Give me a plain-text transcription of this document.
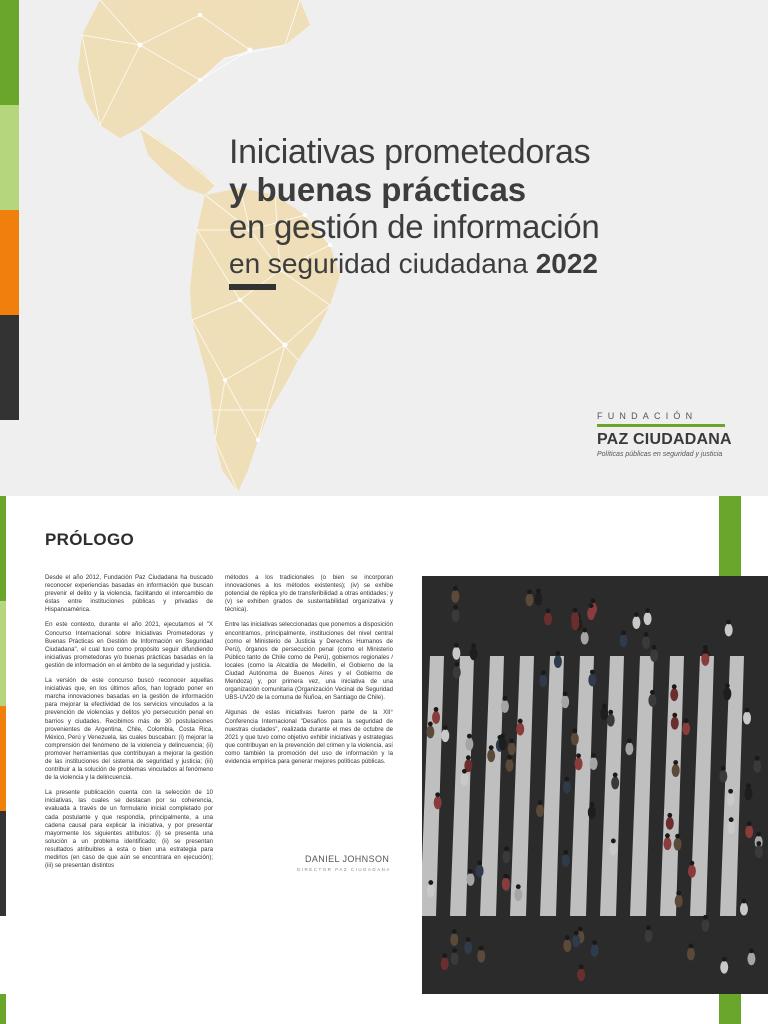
Iniciativas prometedoras
y buenas prácticas
en gestión de información
en seguridad ciudadana 2022
FUNDACIÓN
PAZ CIUDADANA
Políticas públicas en seguridad y justicia
PRÓLOGO

Desde el año 2012, Fundación Paz Ciudadana ha buscado reconocer experiencias basadas en información que buscan prevenir el delito y la violencia, facilitando el intercambio de éstas entre instituciones públicas y privadas de Hispanoamérica.

En este contexto, durante el año 2021, ejecutamos el "X Concurso Internacional sobre Iniciativas Prometedoras y Buenas Prácticas en Gestión de Información en Seguridad Ciudadana", el cual tuvo como propósito seguir difundiendo iniciativas prometedoras y/o buenas prácticas basadas en la gestión de información en el ámbito de la seguridad y justicia.

La versión de este concurso buscó reconocer aquellas iniciativas que, en los últimos años, han logrado poner en marcha innovaciones basadas en la gestión de información para mejorar la efectividad de los servicios vinculados a la prevención de violencias y delitos y/o persecución penal en barrios y ciudades. Recibimos más de 30 postulaciones provenientes de Argentina, Chile, Colombia, Costa Rica, México, Perú y Venezuela, las cuales buscaban: (i) mejorar la comprensión del fenómeno de la violencia y delincuencia; (ii) promover herramientas que contribuyan a mejorar la gestión de las instituciones del sistema de seguridad y justicia; (iii) contribuir a la solución de problemas vinculados al fenómeno de la violencia y la delincuencia.

La presente publicación cuenta con la selección de 10 iniciativas, las cuales se destacan por su coherencia, evaluada a través de un formulario inicial completado por cada postulante y que respondía, principalmente, a una cadena causal para explicar la iniciativa, y por presentar mayormente los siguientes atributos: (i) se presenta una solución a un problema identificado; (ii) se presentan resultados atribuibles a esta o bien una estrategia para medirlos (en caso de que aún se encontrara en ejecución); (iii) se presentan distintos

métodos a los tradicionales (o bien se incorporan innovaciones a los métodos existentes); (iv) se exhibe potencial de réplica y/o de transferibilidad a otras entidades; y (v) se exhiben grados de sustentabilidad organizativa y técnica).

Entre las iniciativas seleccionadas que ponemos a disposición encontramos, principalmente, instituciones del nivel central (como el Ministerio de Justicia y Derechos Humanos de Perú), órganos de persecución penal (como el Ministerio Público tanto de Chile como de Perú), gobiernos regionales / locales (como la Alcaldía de Medellín, el Gobierno de la Ciudad Autónoma de Buenos Aires y el Gobierno de Mendoza) y, por primera vez, una iniciativa de una organización comunitaria (Organización Vecinal de Seguridad UBS-UV20 de la comuna de Ñuñoa, en Santiago de Chile).

Algunas de estas iniciativas fueron parte de la XII° Conferencia Internacional "Desafíos para la seguridad de nuestras ciudades", realizada durante el mes de octubre de 2021 y que tuvo como objetivo exhibir iniciativas y estrategias que contribuyan en la prevención del crimen y la violencia, así como también la promoción del uso de información y la evidencia empírica para generar mejores políticas públicas.

DANIEL JOHNSON
DIRECTOR PAZ CIUDADANA
